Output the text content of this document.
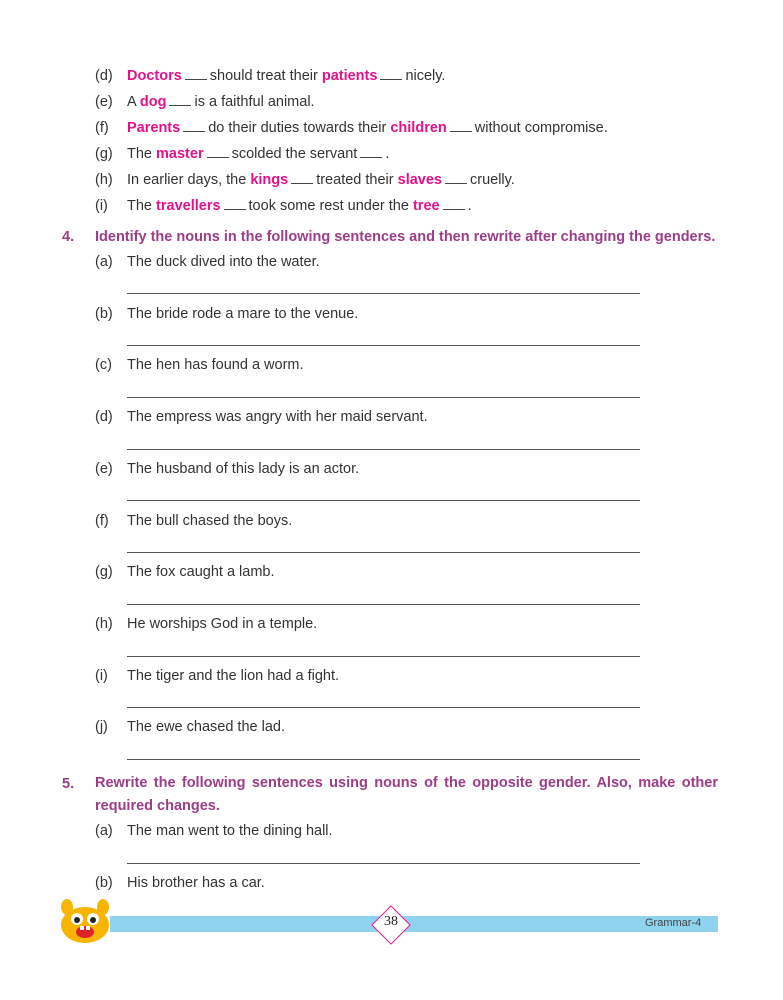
(d) Doctors should treat their patients nicely.
(e) A dog is a faithful animal.
(f) Parents do their duties towards their children without compromise.
(g) The master scolded the servant .
(h) In earlier days, the kings treated their slaves cruelly.
(i) The travellers took some rest under the tree .
4. Identify the nouns in the following sentences and then rewrite after changing the genders.
(a) The duck dived into the water.
(b) The bride rode a mare to the venue.
(c) The hen has found a worm.
(d) The empress was angry with her maid servant.
(e) The husband of this lady is an actor.
(f) The bull chased the boys.
(g) The fox caught a lamb.
(h) He worships God in a temple.
(i) The tiger and the lion had a fight.
(j) The ewe chased the lad.
5. Rewrite the following sentences using nouns of the opposite gender. Also, make other required changes.
(a) The man went to the dining hall.
(b) His brother has a car.
38	Grammar-4
